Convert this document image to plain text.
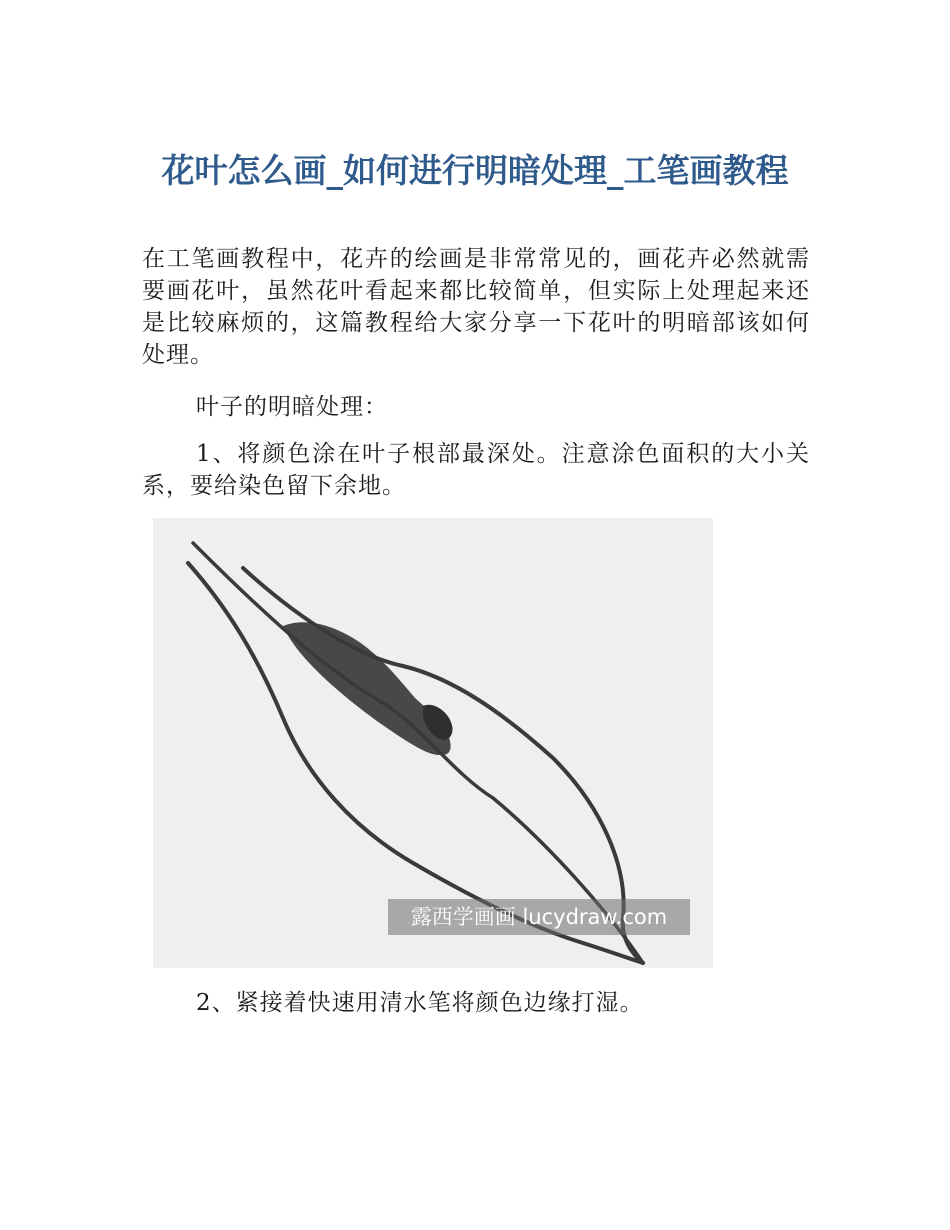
花叶怎么画_如何进行明暗处理_工笔画教程

在工笔画教程中，花卉的绘画是非常常见的，画花卉必然就需要画花叶，虽然花叶看起来都比较简单，但实际上处理起来还是比较麻烦的，这篇教程给大家分享一下花叶的明暗部该如何处理。

叶子的明暗处理：

1、将颜色涂在叶子根部最深处。注意涂色面积的大小关系，要给染色留下余地。

露西学画画 lucydraw.com

2、紧接着快速用清水笔将颜色边缘打湿。
